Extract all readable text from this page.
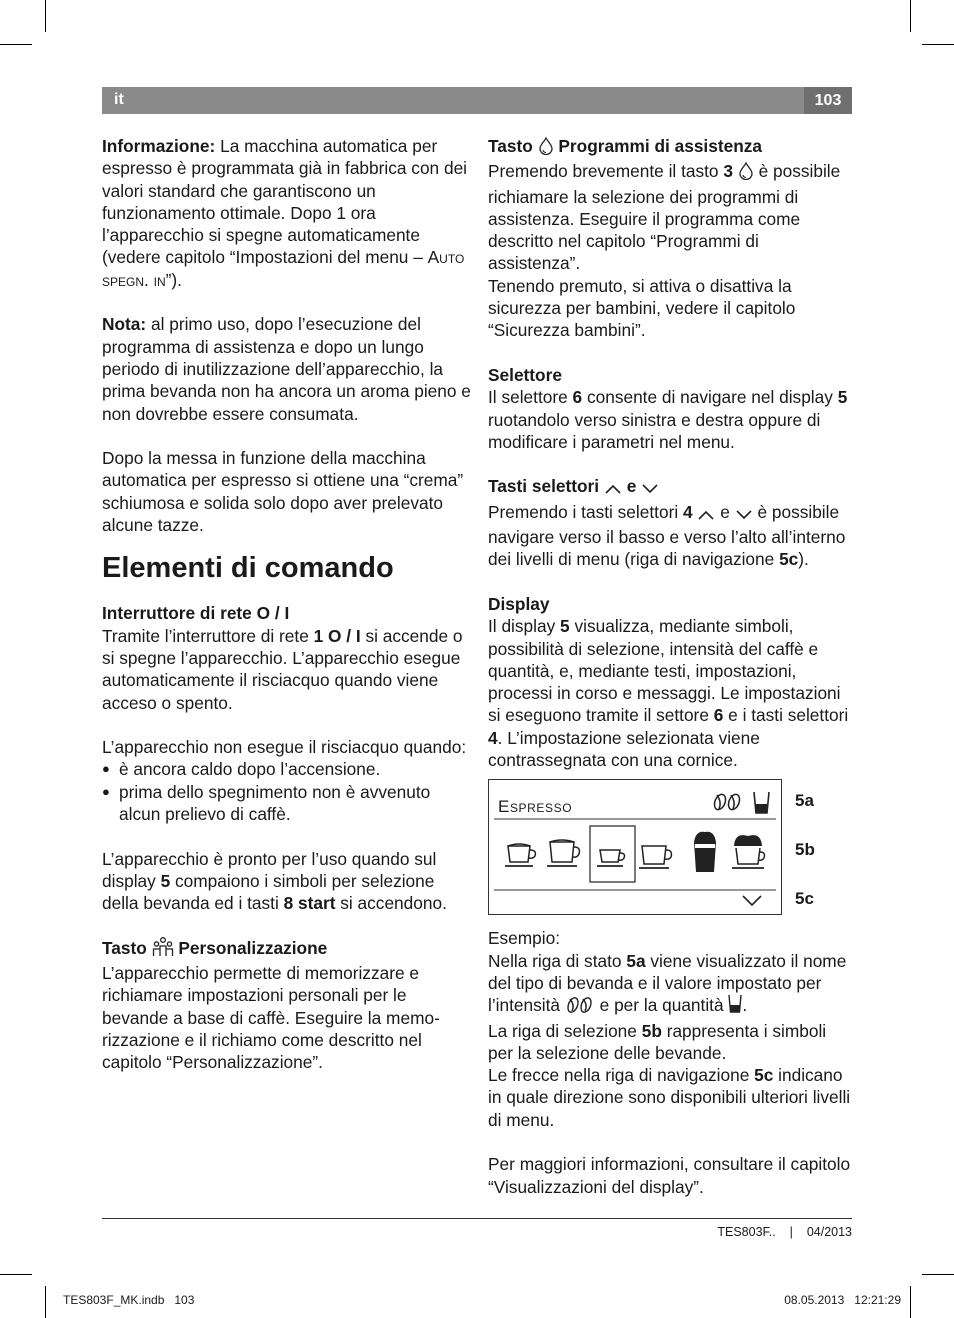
it	103

Informazione: La macchina automatica per espresso è programmata già in fabbrica con dei valori standard che garantiscono un funzionamento ottimale. Dopo 1 ora l’apparecchio si spegne automaticamente (vedere capitolo “Impostazioni del menu – Auto spegn. in”).

Nota: al primo uso, dopo l’esecuzione del programma di assistenza e dopo un lungo periodo di inutilizzazione dell’apparecchio, la prima bevanda non ha ancora un aroma pieno e non dovrebbe essere consumata.

Dopo la messa in funzione della macchina automatica per espresso si ottiene una “crema” schiumosa e solida solo dopo aver prelevato alcune tazze.

Elementi di comando

Interruttore di rete O / I

Tramite l’interruttore di rete 1 O / I si accende o si spegne l’apparecchio. L’apparecchio esegue automaticamente il risciacquo quando viene acceso o spento.

L’apparecchio non esegue il risciacquo quando:

● è ancora caldo dopo l’accensione.
● prima dello spegnimento non è avvenuto alcun prelievo di caffè.

L’apparecchio è pronto per l’uso quando sul display 5 compaiono i simboli per selezione della bevanda ed i tasti 8 start si accendono.

Tasto  Personalizzazione

L’apparecchio permette di memorizzare e richiamare impostazioni personali per le bevande a base di caffè. Eseguire la memorizzazione e il richiamo come descritto nel capitolo “Personalizzazione”.

Tasto  Programmi di assistenza

Premendo brevemente il tasto 3  è possibile richiamare la selezione dei programmi di assistenza. Eseguire il programma come descritto nel capitolo “Programmi di assistenza”.

Tenendo premuto, si attiva o disattiva la sicurezza per bambini, vedere il capitolo “Sicurezza bambini”.

Selettore

Il selettore 6 consente di navigare nel display 5 ruotandolo verso sinistra e destra oppure di modificare i parametri nel menu.

Tasti selettori  e

Premendo i tasti selettori 4  e  è possibile navigare verso il basso e verso l’alto all’interno dei livelli di menu (riga di navigazione 5c).

Display

Il display 5 visualizza, mediante simboli, possibilità di selezione, intensità del caffè e quantità, e, mediante testi, impostazioni, processi in corso e messaggi. Le impostazioni si eseguono tramite il settore 6 e i tasti selettori 4. L’impostazione selezionata viene contrassegnata con una cornice.

Espresso	5a
5b
5c

Esempio:

Nella riga di stato 5a viene visualizzato il nome del tipo di bevanda e il valore impostato per l’intensità  e per la quantità .

La riga di selezione 5b rappresenta i simboli per la selezione delle bevande.

Le frecce nella riga di navigazione 5c indicano in quale direzione sono disponibili ulteriori livelli di menu.

Per maggiori informazioni, consultare il capitolo “Visualizzazioni del display”.

TES803F.. | 04/2013
TES803F_MK.indb   103	08.05.2013   12:21:29
